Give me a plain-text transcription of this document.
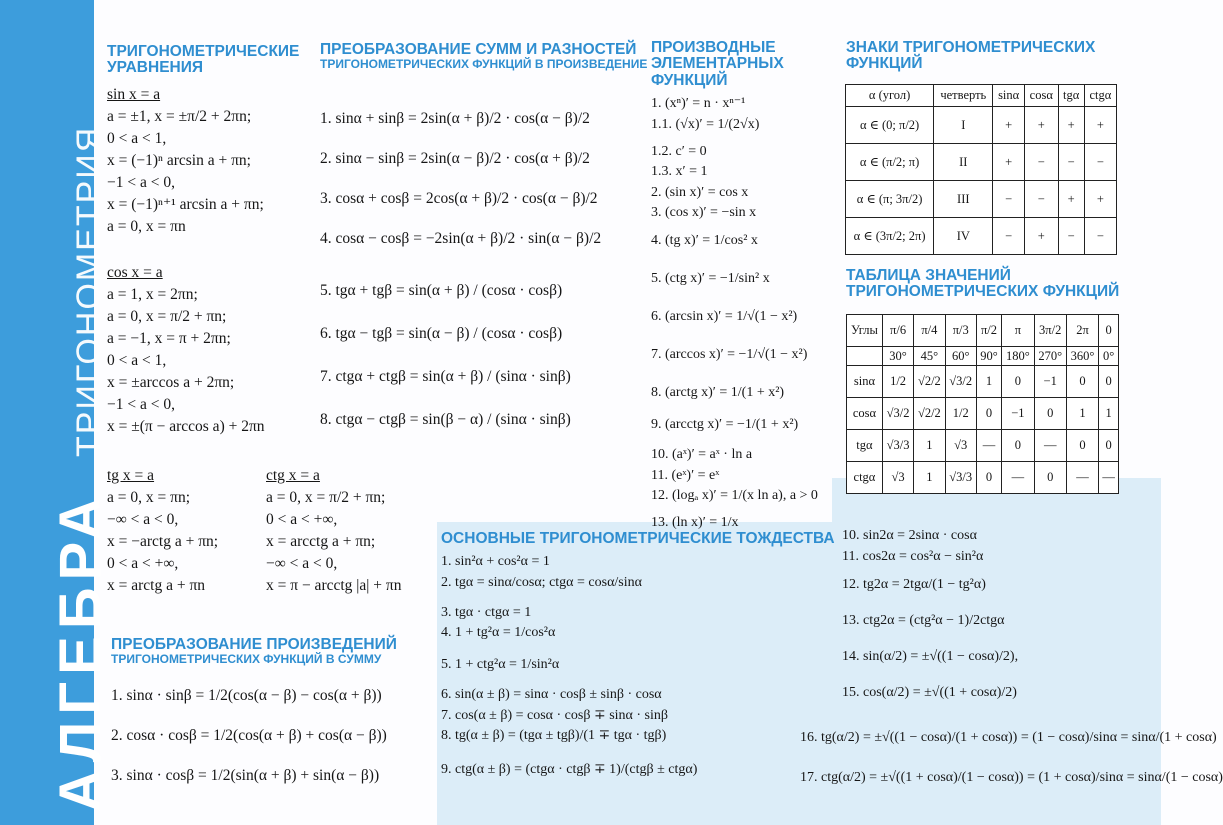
АЛГЕБРАТРИГОНОМЕТРИЯ
ТРИГОНОМЕТРИЧЕСКИЕ
УРАВНЕНИЯ
sin x = a
a = ±1, x = ±π/2 + 2πn;
0 < a < 1,
x = (−1)ⁿ arcsin a + πn;
−1 < a < 0,
x = (−1)ⁿ⁺¹ arcsin a + πn;
a = 0, x = πn
cos x = a
a = 1, x = 2πn;
a = 0, x = π/2 + πn;
a = −1, x = π + 2πn;
0 < a < 1,
x = ±arccos a + 2πn;
−1 < a < 0,
x = ±(π − arccos a) + 2πn
tg x = a
a = 0, x = πn;
−∞ < a < 0,
x = −arctg a + πn;
0 < a < +∞,
x = arctg a + πn
ctg x = a
a = 0, x = π/2 + πn;
0 < a < +∞,
x = arcctg a + πn;
−∞ < a < 0,
x = π − arcctg |a| + πn
ПРЕОБРАЗОВАНИЕ СУММ И РАЗНОСТЕЙ
ТРИГОНОМЕТРИЧЕСКИХ ФУНКЦИЙ В ПРОИЗВЕДЕНИЕ
1. sinα + sinβ = 2sin(α + β)/2 · cos(α − β)/2
2. sinα − sinβ = 2sin(α − β)/2 · cos(α + β)/2
3. cosα + cosβ = 2cos(α + β)/2 · cos(α − β)/2
4. cosα − cosβ = −2sin(α + β)/2 · sin(α − β)/2
5. tgα + tgβ = sin(α + β) / (cosα · cosβ)
6. tgα − tgβ = sin(α − β) / (cosα · cosβ)
7. ctgα + ctgβ = sin(α + β) / (sinα · sinβ)
8. ctgα − ctgβ = sin(β − α) / (sinα · sinβ)
ПРОИЗВОДНЫЕ
ЭЛЕМЕНТАРНЫХ
ФУНКЦИЙ
1. (xⁿ)′ = n · xⁿ⁻¹
1.1. (√x)′ = 1/(2√x)
1.2. c′ = 0
1.3. x′ = 1
2. (sin x)′ = cos x
3. (cos x)′ = −sin x
4. (tg x)′ = 1/cos² x
5. (ctg x)′ = −1/sin² x
6. (arcsin x)′ = 1/√(1 − x²)
7. (arccos x)′ = −1/√(1 − x²)
8. (arctg x)′ = 1/(1 + x²)
9. (arcctg x)′ = −1/(1 + x²)
10. (aˣ)′ = aˣ · ln a
11. (eˣ)′ = eˣ
12. (logₐ x)′ = 1/(x ln a), a > 0
13. (ln x)′ = 1/x
ЗНАКИ ТРИГОНОМЕТРИЧЕСКИХ
ФУНКЦИЙ
α (угол)	четверть	sinα	cosα	tgα	ctgα
α ∈ (0; π/2)	I	+	+	+	+
α ∈ (π/2; π)	II	+	−	−	−
α ∈ (π; 3π/2)	III	−	−	+	+
α ∈ (3π/2; 2π)	IV	−	+	−	−
ТАБЛИЦА ЗНАЧЕНИЙ
ТРИГОНОМЕТРИЧЕСКИХ ФУНКЦИЙ
Углы	π/6	π/4	π/3	π/2	π	3π/2	2π	0
	30°	45°	60°	90°	180°	270°	360°	0°
sinα	1/2	√2/2	√3/2	1	0	−1	0	0
cosα	√3/2	√2/2	1/2	0	−1	0	1	1
tgα	√3/3	1	√3	—	0	—	0	0
ctgα	√3	1	√3/3	0	—	0	—	—
ПРЕОБРАЗОВАНИЕ ПРОИЗВЕДЕНИЙ
ТРИГОНОМЕТРИЧЕСКИХ ФУНКЦИЙ В СУММУ
1. sinα · sinβ = 1/2(cos(α − β) − cos(α + β))
2. cosα · cosβ = 1/2(cos(α + β) + cos(α − β))
3. sinα · cosβ = 1/2(sin(α + β) + sin(α − β))
ОСНОВНЫЕ ТРИГОНОМЕТРИЧЕСКИЕ ТОЖДЕСТВА
1. sin²α + cos²α = 1
2. tgα = sinα/cosα; ctgα = cosα/sinα
3. tgα · ctgα = 1
4. 1 + tg²α = 1/cos²α
5. 1 + ctg²α = 1/sin²α
6. sin(α ± β) = sinα · cosβ ± sinβ · cosα
7. cos(α ± β) = cosα · cosβ ∓ sinα · sinβ
8. tg(α ± β) = (tgα ± tgβ)/(1 ∓ tgα · tgβ)
9. ctg(α ± β) = (ctgα · ctgβ ∓ 1)/(ctgβ ± ctgα)
10. sin2α = 2sinα · cosα
11. cos2α = cos²α − sin²α
12. tg2α = 2tgα/(1 − tg²α)
13. ctg2α = (ctg²α − 1)/2ctgα
14. sin(α/2) = ±√((1 − cosα)/2),
15. cos(α/2) = ±√((1 + cosα)/2)
16. tg(α/2) = ±√((1 − cosα)/(1 + cosα)) = (1 − cosα)/sinα = sinα/(1 + cosα)
17. ctg(α/2) = ±√((1 + cosα)/(1 − cosα)) = (1 + cosα)/sinα = sinα/(1 − cosα)
